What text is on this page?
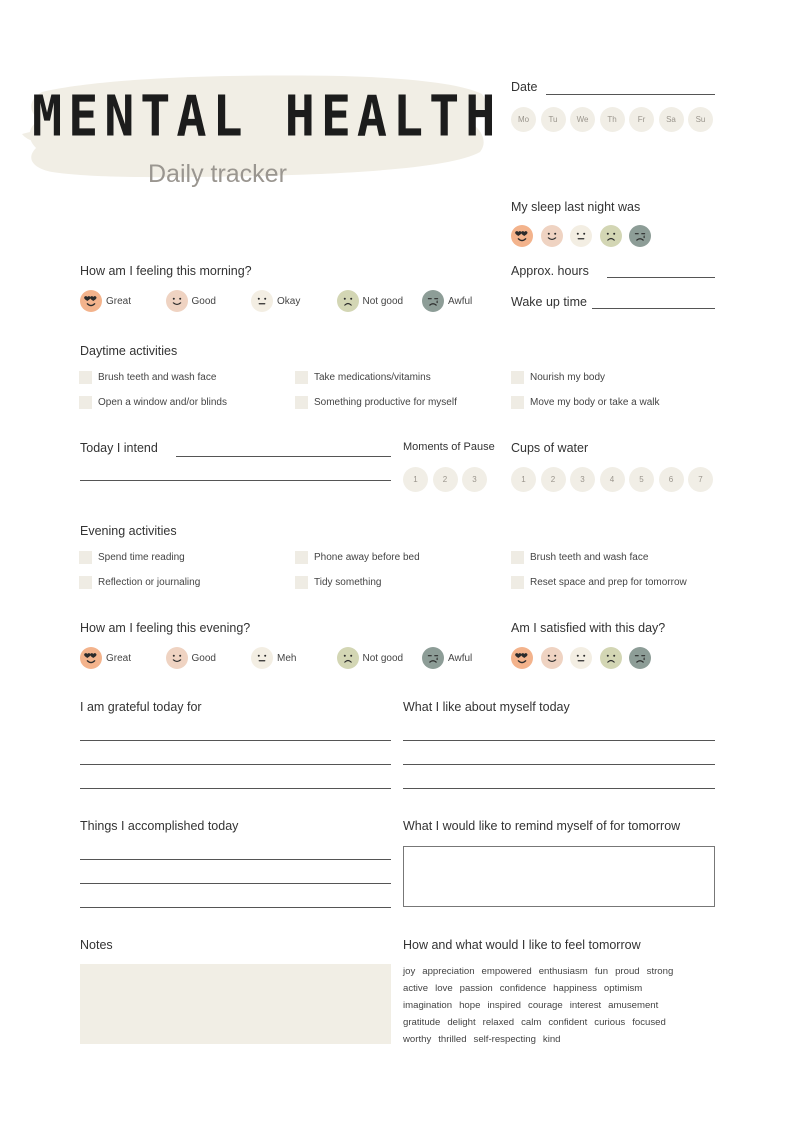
MENTAL HEALTH
Daily tracker
Date
Mo	Tu	We	Th	Fr	Sa	Su
My sleep last night was
Approx. hours
Wake up time
How am I feeling this morning?
Great	Good	Okay	Not good	Awful
Daytime activities
Brush teeth and wash face	Take medications/vitamins	Nourish my body
Open a window and/or blinds	Something productive for myself	Move my body or take a walk
Today I intend	Moments of Pause
1	2	3
Cups of water
1	2	3	4	5	6	7
Evening activities
Spend time reading	Phone away before bed	Brush teeth and wash face
Reflection or journaling	Tidy something	Reset space and prep for tomorrow
How am I feeling this evening?
Great	Good	Meh	Not good	Awful
Am I satisfied with this day?
I am grateful today for	What I like about myself today
Things I accomplished today	What I would like to remind myself of for tomorrow
Notes	How and what would I like to feel tomorrow
joy appreciation empowered enthusiasm fun proud strong
active love passion confidence happiness optimism
imagination hope inspired courage interest amusement
gratitude delight relaxed calm confident curious focused
worthy thrilled self-respecting kind
